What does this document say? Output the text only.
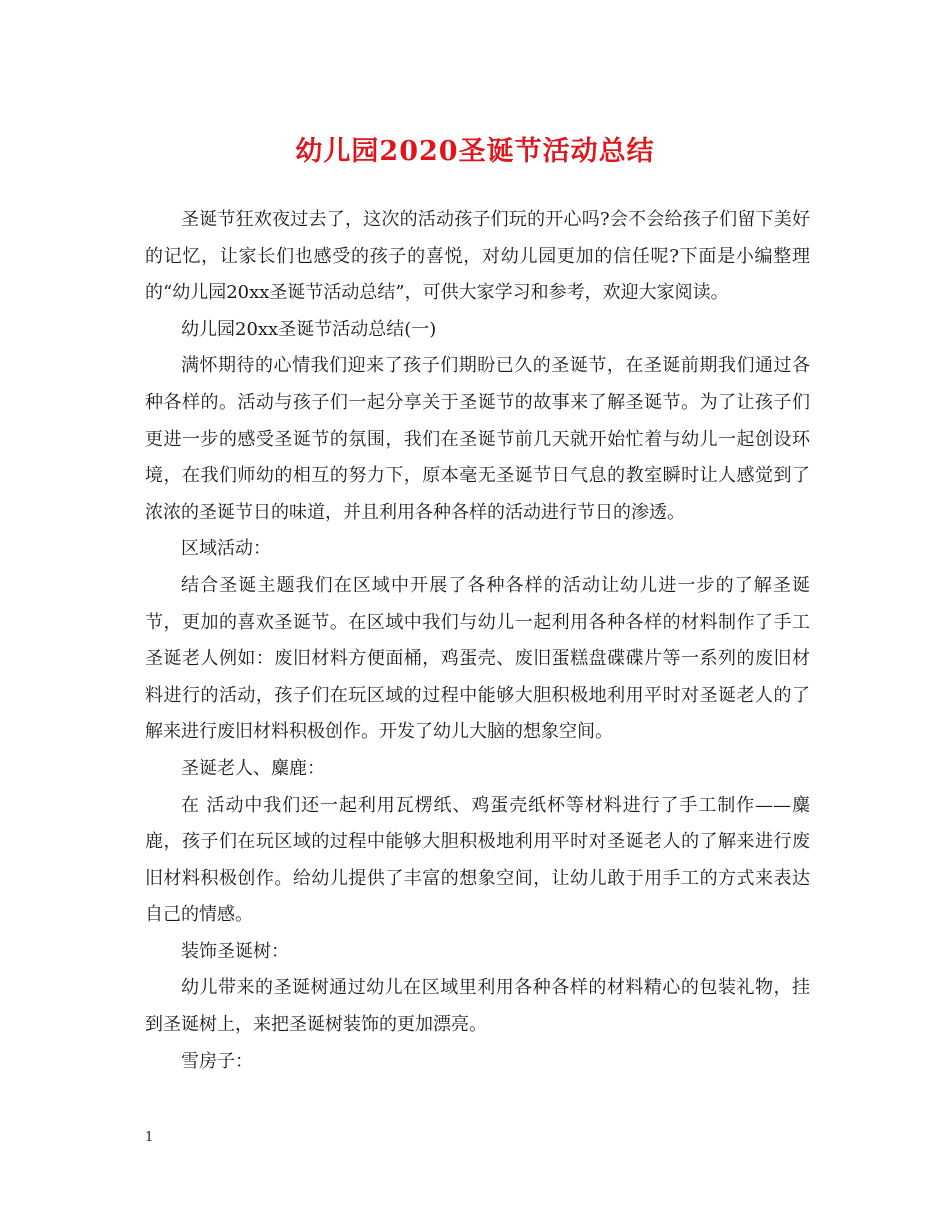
幼儿园2020圣诞节活动总结

圣诞节狂欢夜过去了，这次的活动孩子们玩的开心吗?会不会给孩子们留下美好的记忆，让家长们也感受的孩子的喜悦，对幼儿园更加的信任呢?下面是小编整理的“幼儿园20xx圣诞节活动总结”，可供大家学习和参考，欢迎大家阅读。

幼儿园20xx圣诞节活动总结(一)

满怀期待的心情我们迎来了孩子们期盼已久的圣诞节，在圣诞前期我们通过各种各样的。活动与孩子们一起分享关于圣诞节的故事来了解圣诞节。为了让孩子们更进一步的感受圣诞节的氛围，我们在圣诞节前几天就开始忙着与幼儿一起创设环境，在我们师幼的相互的努力下，原本毫无圣诞节日气息的教室瞬时让人感觉到了浓浓的圣诞节日的味道，并且利用各种各样的活动进行节日的渗透。

区域活动：

结合圣诞主题我们在区域中开展了各种各样的活动让幼儿进一步的了解圣诞节，更加的喜欢圣诞节。在区域中我们与幼儿一起利用各种各样的材料制作了手工圣诞老人例如：废旧材料方便面桶，鸡蛋壳、废旧蛋糕盘碟碟片等一系列的废旧材料进行的活动，孩子们在玩区域的过程中能够大胆积极地利用平时对圣诞老人的了解来进行废旧材料积极创作。开发了幼儿大脑的想象空间。

圣诞老人、麋鹿：

在 活动中我们还一起利用瓦楞纸、鸡蛋壳纸杯等材料进行了手工制作——麋鹿，孩子们在玩区域的过程中能够大胆积极地利用平时对圣诞老人的了解来进行废旧材料积极创作。给幼儿提供了丰富的想象空间，让幼儿敢于用手工的方式来表达自己的情感。

装饰圣诞树：

幼儿带来的圣诞树通过幼儿在区域里利用各种各样的材料精心的包装礼物，挂到圣诞树上，来把圣诞树装饰的更加漂亮。

雪房子：

1
